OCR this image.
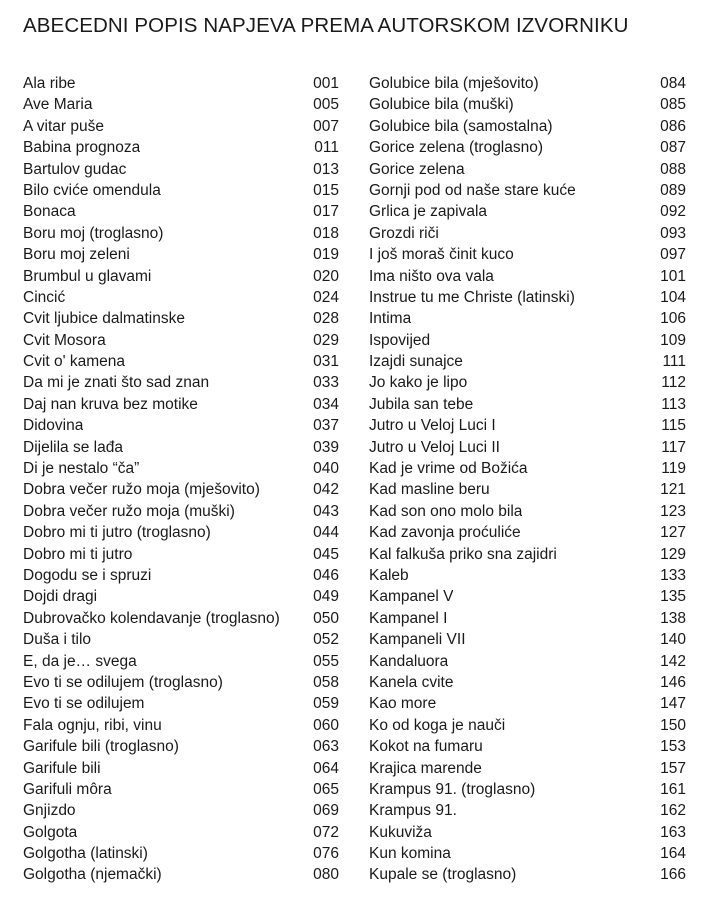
ABECEDNI POPIS NAPJEVA PREMA AUTORSKOM IZVORNIKU
Ala ribe	001
Ave Maria	005
A vitar puše	007
Babina prognoza	011
Bartulov gudac	013
Bilo cviće omendula	015
Bonaca	017
Boru moj (troglasno)	018
Boru moj zeleni	019
Brumbul u glavami	020
Cincić	024
Cvit ljubice dalmatinske	028
Cvit Mosora	029
Cvit o' kamena	031
Da mi je znati što sad znan	033
Daj nan kruva bez motike	034
Didovina	037
Dijelila se lađa	039
Di je nestalo “ča”	040
Dobra večer ružo moja (mješovito)	042
Dobra večer ružo moja (muški)	043
Dobro mi ti jutro (troglasno)	044
Dobro mi ti jutro	045
Dogodu se i spruzi	046
Dojdi dragi	049
Dubrovačko kolendavanje (troglasno)	050
Duša i tilo	052
E, da je… svega	055
Evo ti se odilujem (troglasno)	058
Evo ti se odilujem	059
Fala ognju, ribi, vinu	060
Garifule bili (troglasno)	063
Garifule bili	064
Garifuli môra	065
Gnjizdo	069
Golgota	072
Golgotha (latinski)	076
Golgotha (njemački)	080
Golubice bila (mješovito)	084
Golubice bila (muški)	085
Golubice bila (samostalna)	086
Gorice zelena (troglasno)	087
Gorice zelena	088
Gornji pod od naše stare kuće	089
Grlica je zapivala	092
Grozdi riči	093
I još moraš činit kuco	097
Ima ništo ova vala	101
Instrue tu me Christe (latinski)	104
Intima	106
Ispovijed	109
Izajdi sunajce	111
Jo kako je lipo	112
Jubila san tebe	113
Jutro u Veloj Luci I	115
Jutro u Veloj Luci II	117
Kad je vrime od Božića	119
Kad masline beru	121
Kad son ono molo bila	123
Kad zavonja proćuliće	127
Kal falkuša priko sna zajidri	129
Kaleb	133
Kampanel V	135
Kampanel I	138
Kampaneli VII	140
Kandaluora	142
Kanela cvite	146
Kao more	147
Ko od koga je nauči	150
Kokot na fumaru	153
Krajica marende	157
Krampus 91. (troglasno)	161
Krampus 91.	162
Kukuviža	163
Kun komina	164
Kupale se (troglasno)	166
